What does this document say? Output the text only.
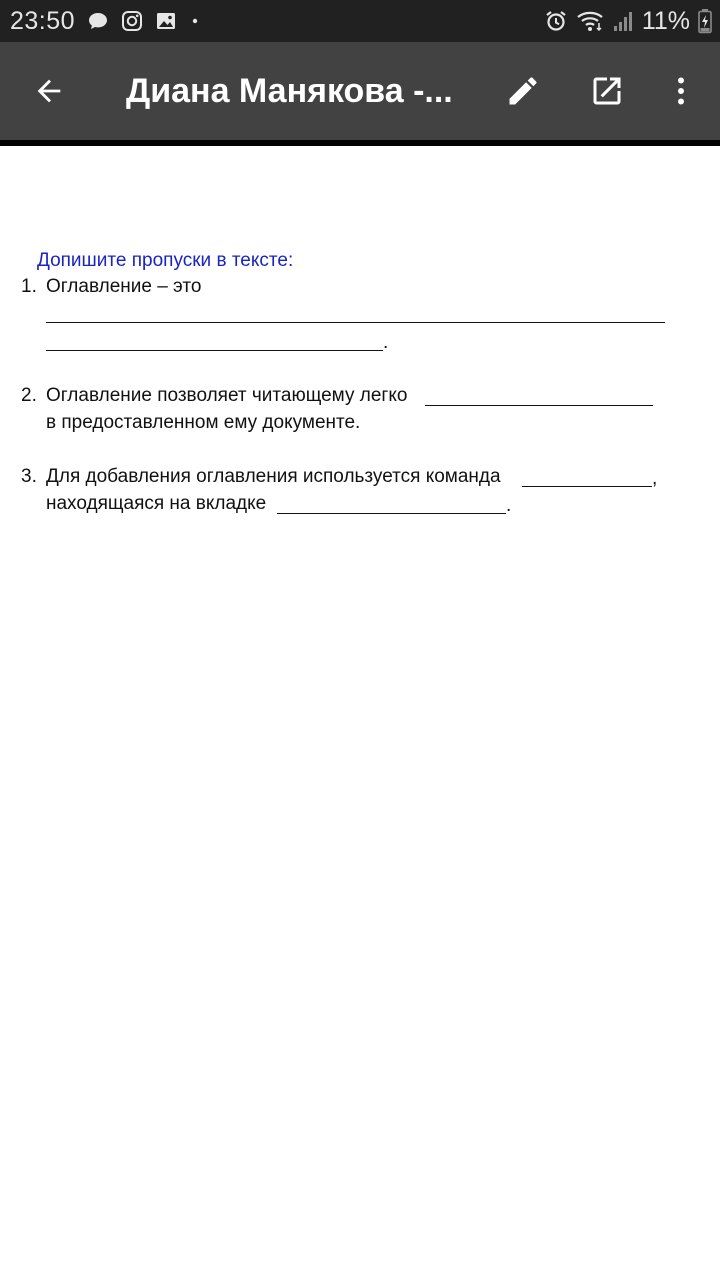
23:50	11%
Диана Манякова -...
Допишите пропуски в тексте:
1. Оглавление – это
.
2. Оглавление позволяет читающему легко
в предоставленном ему документе.
3. Для добавления оглавления используется команда	,
находящаяся на вкладке	.
